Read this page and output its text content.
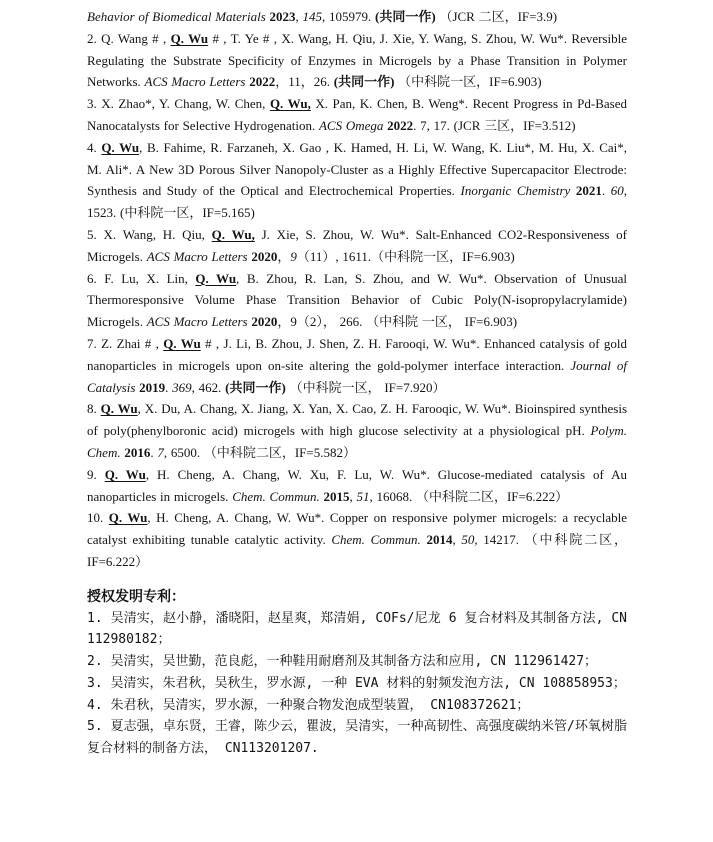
Behavior of Biomedical Materials 2023, 145, 105979. (共同一作) （JCR 二区，IF=3.9)

2. Q. Wang # , Q. Wu # , T. Ye # , X. Wang, H. Qiu, J. Xie, Y. Wang, S. Zhou, W. Wu*. Reversible Regulating the Substrate Specificity of Enzymes in Microgels by a Phase Transition in Polymer Networks. ACS Macro Letters 2022，11，26. (共同一作) （中科院一区，IF=6.903)

3. X. Zhao*, Y. Chang, W. Chen, Q. Wu, X. Pan, K. Chen, B. Weng*. Recent Progress in Pd-Based Nanocatalysts for Selective Hydrogenation. ACS Omega 2022. 7, 17. (JCR 三区，IF=3.512)

4. Q. Wu, B. Fahime, R. Farzaneh, X. Gao , K. Hamed, H. Li, W. Wang, K. Liu*, M. Hu, X. Cai*, M. Ali*. A New 3D Porous Silver Nanopoly-Cluster as a Highly Effective Supercapacitor Electrode: Synthesis and Study of the Optical and Electrochemical Properties. Inorganic Chemistry 2021. 60, 1523. (中科院一区，IF=5.165)

5. X. Wang, H. Qiu, Q. Wu, J. Xie, S. Zhou, W. Wu*. Salt-Enhanced CO2-Responsiveness of Microgels. ACS Macro Letters 2020，9（11）, 1611.（中科院一区，IF=6.903)

6. F. Lu, X. Lin, Q. Wu, B. Zhou, R. Lan, S. Zhou, and W. Wu*. Observation of Unusual Thermoresponsive Volume Phase Transition Behavior of Cubic Poly(N-isopropylacrylamide) Microgels. ACS Macro Letters 2020，9（2）， 266. （中科院 一区， IF=6.903)

7. Z. Zhai # , Q. Wu # , J. Li, B. Zhou, J. Shen, Z. H. Farooqi, W. Wu*. Enhanced catalysis of gold nanoparticles in microgels upon on-site altering the gold-polymer interface interaction. Journal of Catalysis 2019. 369, 462. (共同一作) （中科院一区， IF=7.920）

8. Q. Wu, X. Du, A. Chang, X. Jiang, X. Yan, X. Cao, Z. H. Farooqic, W. Wu*. Bioinspired synthesis of poly(phenylboronic acid) microgels with high glucose selectivity at a physiological pH. Polym. Chem. 2016. 7, 6500. （中科院二区，IF=5.582）

9. Q. Wu, H. Cheng, A. Chang, W. Xu, F. Lu, W. Wu*. Glucose-mediated catalysis of Au nanoparticles in microgels. Chem. Commun. 2015, 51, 16068. （中科院二区，IF=6.222）

10. Q. Wu, H. Cheng, A. Chang, W. Wu*. Copper on responsive polymer microgels: a recyclable catalyst exhibiting tunable catalytic activity. Chem. Commun. 2014, 50, 14217. （中科院二区，IF=6.222）

授权发明专利：

1. 吴清实，赵小静，潘晓阳，赵星爽，郑清娟, COFs/尼龙 6 复合材料及其制备方法, CN 112980182；

2. 吴清实，吴世勤，范良彪，一种鞋用耐磨剂及其制备方法和应用, CN 112961427；

3. 吴清实，朱君秋，吴秋生，罗水源, 一种 EVA 材料的射频发泡方法, CN 108858953；

4. 朱君秋，吴清实，罗水源，一种聚合物发泡成型装置， CN108372621；

5. 夏志强，卓东贤，王睿，陈少云，瞿波，吴清实，一种高韧性、高强度碳纳米管/环氧树脂复合材料的制备方法， CN113201207.
